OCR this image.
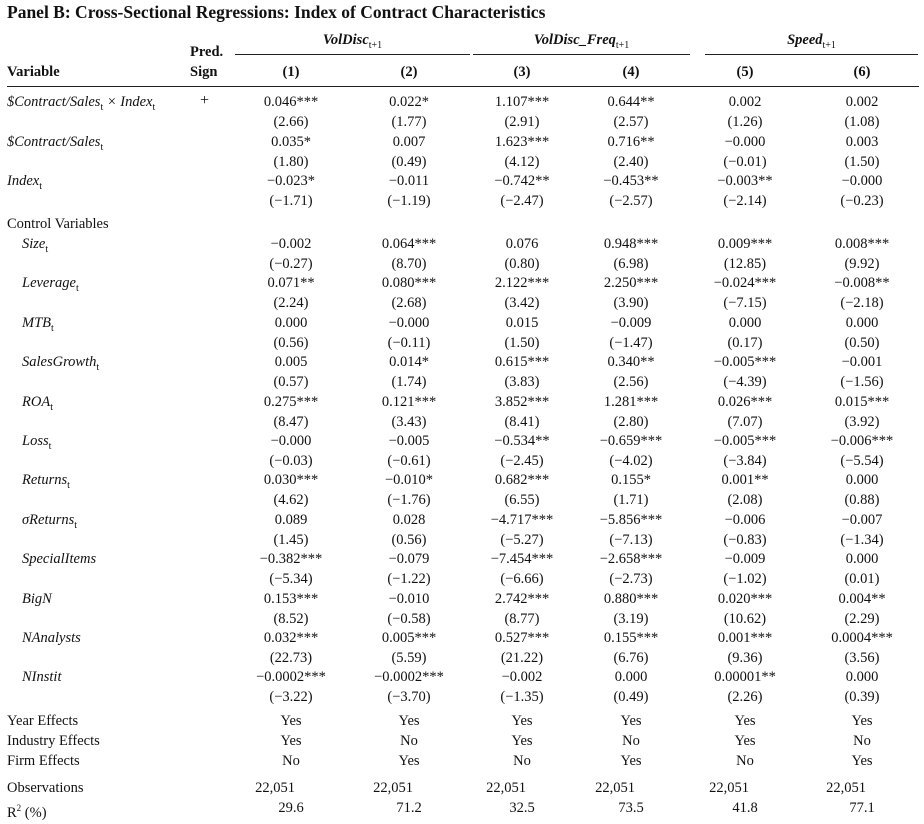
Panel B: Cross-Sectional Regressions: Index of Contract Characteristics
Pred.
Sign
Variable
VolDisc$_{t+1}$	VolDisc_Freq$_{t+1}$	Speed$_{t+1}$
(1)	(2)	(3)	(4)	(5)	(6)
$Contract/Sales$_t$ × Index$_t$	+	0.046***	0.022*	1.107***	0.644**	0.002	0.002
(2.66)	(1.77)	(2.91)	(2.57)	(1.26)	(1.08)
$Contract/Sales$_t$	0.035*	0.007	1.623***	0.716**	−0.000	0.003
(1.80)	(0.49)	(4.12)	(2.40)	(−0.01)	(1.50)
Index$_t$	−0.023*	−0.011	−0.742**	−0.453**	−0.003**	−0.000
(−1.71)	(−1.19)	(−2.47)	(−2.57)	(−2.14)	(−0.23)
Control Variables
Size$_t$	−0.002	0.064***	0.076	0.948***	0.009***	0.008***
(−0.27)	(8.70)	(0.80)	(6.98)	(12.85)	(9.92)
Leverage$_t$	0.071**	0.080***	2.122***	2.250***	−0.024***	−0.008**
(2.24)	(2.68)	(3.42)	(3.90)	(−7.15)	(−2.18)
$MTB_t$	0.000	−0.000	0.015	−0.009	0.000	0.000
(0.56)	(−0.11)	(1.50)	(−1.47)	(0.17)	(0.50)
SalesGrowth$_t$	0.005	0.014*	0.615***	0.340**	−0.005***	−0.001
(0.57)	(1.74)	(3.83)	(2.56)	(−4.39)	(−1.56)
$ROA_t$	0.275***	0.121***	3.852***	1.281***	0.026***	0.015***
(8.47)	(3.43)	(8.41)	(2.80)	(7.07)	(3.92)
Loss$_t$	−0.000	−0.005	−0.534**	−0.659***	−0.005***	−0.006***
(−0.03)	(−0.61)	(−2.45)	(−4.02)	(−3.84)	(−5.54)
Returns$_t$	0.030***	−0.010*	0.682***	0.155*	0.001**	0.000
(4.62)	(−1.76)	(6.55)	(1.71)	(2.08)	(0.88)
σReturns$_t$	0.089	0.028	−4.717***	−5.856***	−0.006	−0.007
(1.45)	(0.56)	(−5.27)	(−7.13)	(−0.83)	(−1.34)
SpecialItems	−0.382***	−0.079	−7.454***	−2.658***	−0.009	0.000
(−5.34)	(−1.22)	(−6.66)	(−2.73)	(−1.02)	(0.01)
BigN	0.153***	−0.010	2.742***	0.880***	0.020***	0.004**
(8.52)	(−0.58)	(8.77)	(3.19)	(10.62)	(2.29)
NAnalysts	0.032***	0.005***	0.527***	0.155***	0.001***	0.0004***
(22.73)	(5.59)	(21.22)	(6.76)	(9.36)	(3.56)
NInstit	−0.0002***	−0.0002***	−0.002	0.000	0.00001**	0.000
(−3.22)	(−3.70)	(−1.35)	(0.49)	(2.26)	(0.39)
Year Effects	Yes	Yes	Yes	Yes	Yes	Yes
Industry Effects	Yes	No	Yes	No	Yes	No
Firm Effects	No	Yes	No	Yes	No	Yes
Observations	22,051	22,051	22,051	22,051	22,051	22,051
$R^2$ (%)	29.6	71.2	32.5	73.5	41.8	77.1
